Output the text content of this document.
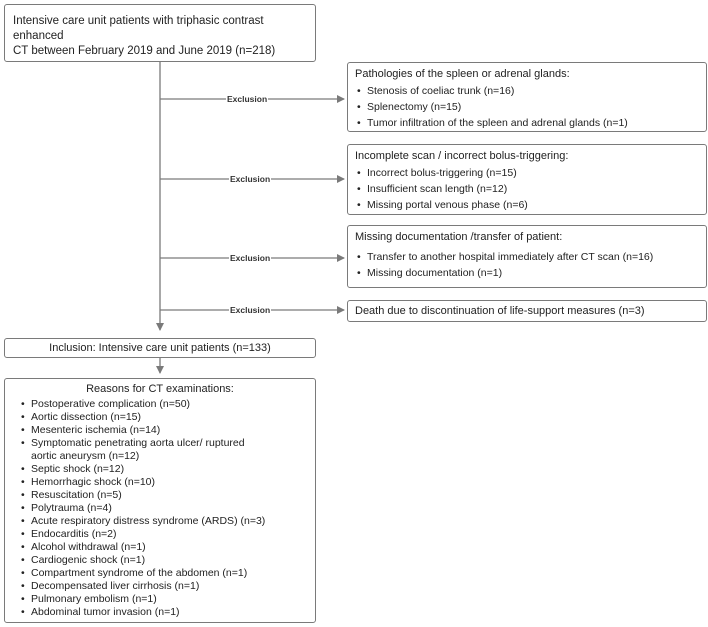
Exclusion
Exclusion
Exclusion
Exclusion
Intensive care unit patients with triphasic contrast enhanced
CT between February 2019 and June 2019 (n=218)
Pathologies of the spleen or adrenal glands:
• Stenosis of coeliac trunk (n=16)
• Splenectomy (n=15)
• Tumor infiltration of the spleen and adrenal glands (n=1)
Incomplete scan / incorrect bolus-triggering:
• Incorrect bolus-triggering (n=15)
• Insufficient scan length (n=12)
• Missing portal venous phase (n=6)
Missing documentation /transfer of patient:
• Transfer to another hospital immediately after CT scan (n=16)
• Missing documentation (n=1)
Death due to discontinuation of life-support measures (n=3)
Inclusion: Intensive care unit patients (n=133)
Reasons for CT examinations:
• Postoperative complication (n=50)
• Aortic dissection (n=15)
• Mesenteric ischemia (n=14)
• Symptomatic penetrating aorta ulcer/ ruptured
aortic aneurysm (n=12)
• Septic shock (n=12)
• Hemorrhagic shock (n=10)
• Resuscitation (n=5)
• Polytrauma (n=4)
• Acute respiratory distress syndrome (ARDS) (n=3)
• Endocarditis (n=2)
• Alcohol withdrawal (n=1)
• Cardiogenic shock (n=1)
• Compartment syndrome of the abdomen (n=1)
• Decompensated liver cirrhosis (n=1)
• Pulmonary embolism (n=1)
• Abdominal tumor invasion (n=1)
